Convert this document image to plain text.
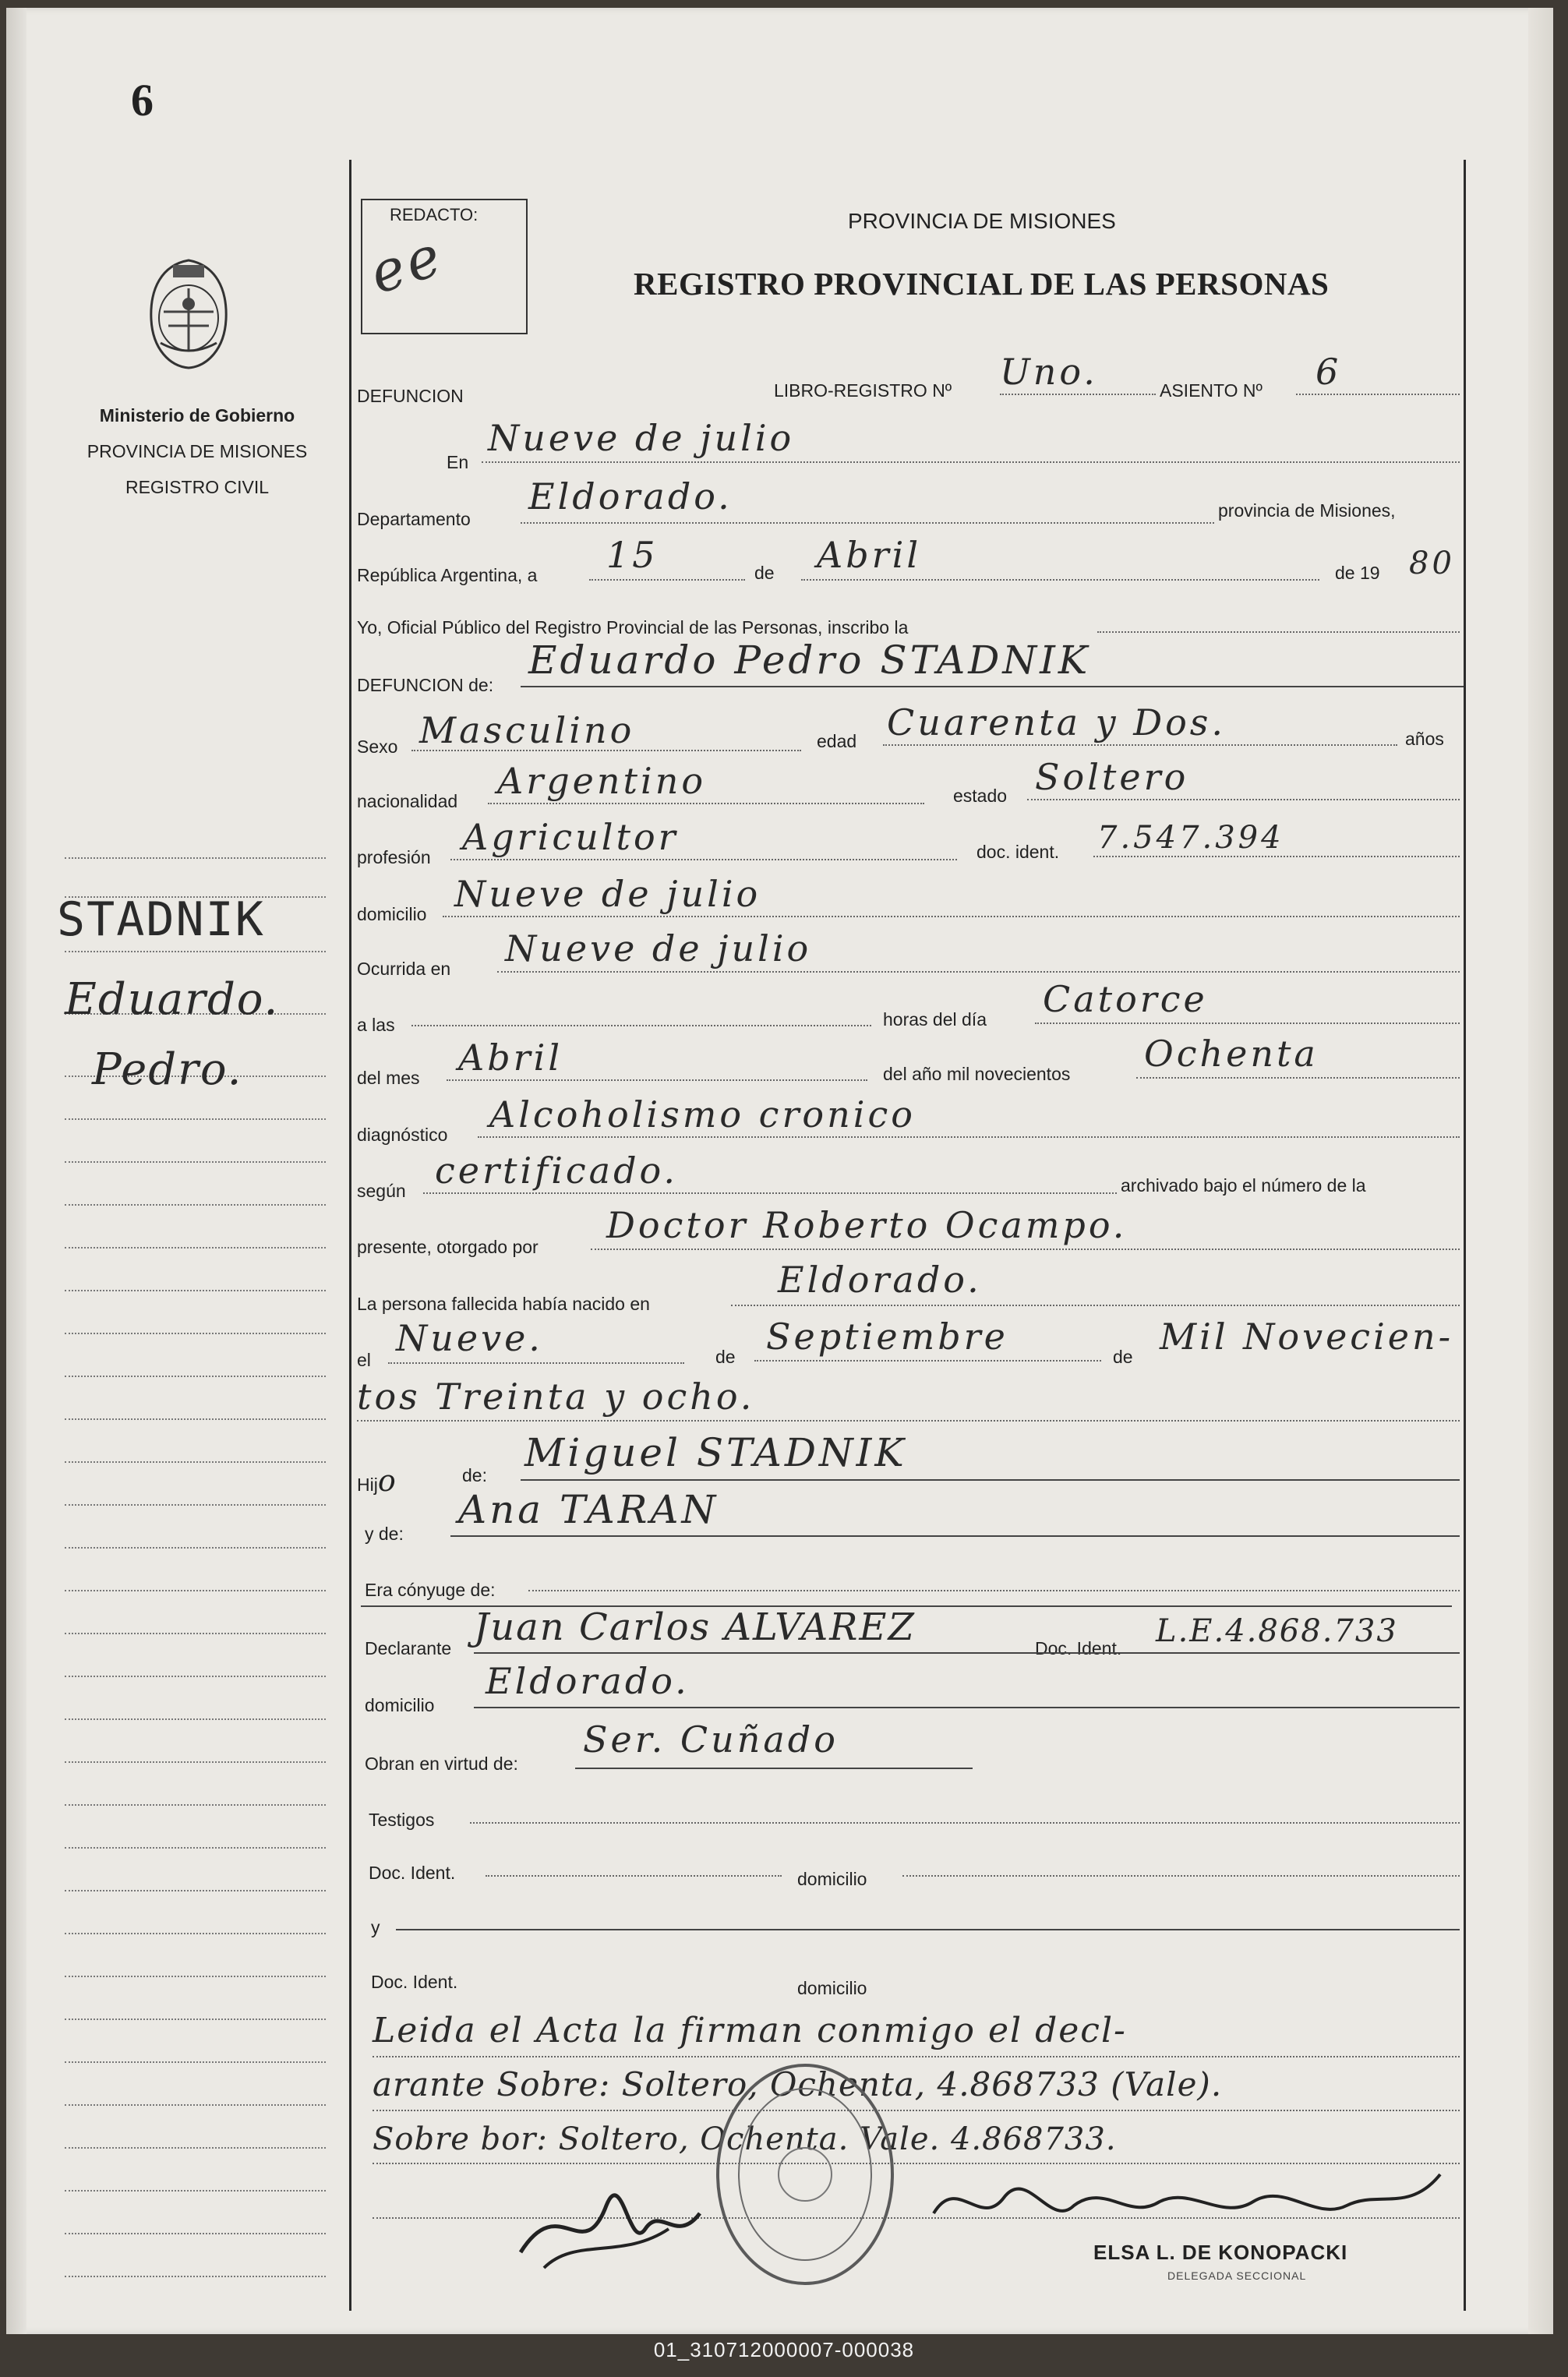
6
Ministerio de Gobierno
PROVINCIA DE MISIONES
REGISTRO CIVIL
STADNIK
Eduardo.
Pedro.
REDACTO:
ee
PROVINCIA DE MISIONES
REGISTRO PROVINCIAL DE LAS PERSONAS
DEFUNCION	LIBRO-REGISTRO Nº Uno.	ASIENTO Nº 6
En
Nueve de julio
Departamento
Eldorado.	provincia de Misiones,
República Argentina, a 15	de Abril	de 19 80
Yo, Oficial Público del Registro Provincial de las Personas, inscribo la
DEFUNCION de:
Eduardo Pedro STADNIK
Sexo Masculino	edad Cuarenta y Dos.	años
nacionalidad Argentino	estado Soltero
profesión Agricultor	doc. ident. 7.547.394
domicilio Nueve de julio
Ocurrida en Nueve de julio
a las	horas del día Catorce
del mes Abril	del año mil novecientos Ochenta
diagnóstico Alcoholismo cronico
según certificado.	archivado bajo el número de la
presente, otorgado por
Doctor Roberto Ocampo.
La persona fallecida había nacido en
Eldorado.
el
Nueve.	de Septiembre	de Mil Novecien-
tos Treinta y ocho.
Hijo	de: Miguel STADNIK
y de:
Ana TARAN
Era cónyuge de:
Declarante Juan Carlos ALVAREZ	Doc. Ident. L.E.4.868.733
domicilio
Eldorado.
Obran en virtud de:
Ser. Cuñado
Testigos
Doc. Ident.	domicilio
y
Doc. Ident.	domicilio
Leida el Acta la firman conmigo el decl-
arante Sobre: Soltero, Ochenta, 4.868733 (Vale).
Sobre bor: Soltero, Ochenta. Vale. 4.868733.
ELSA L. DE KONOPACKI
DELEGADA SECCIONAL
01_310712000007-000038
